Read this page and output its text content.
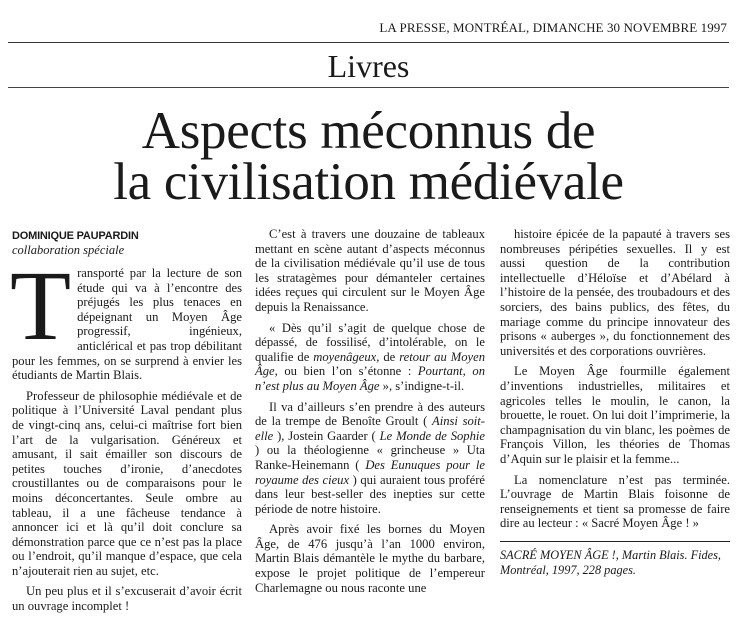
LA PRESSE, MONTRÉAL, DIMANCHE 30 NOVEMBRE 1997
Livres
Aspects méconnus de
la civilisation médiévale
DOMINIQUE PAUPARDIN
collaboration spéciale

Transporté par la lecture de son étude qui va à l’encontre des préjugés les plus tenaces en dépeignant un Moyen Âge progressif, ingénieux, anticlérical et pas trop débilitant pour les femmes, on se surprend à envier les étudiants de Martin Blais.

Professeur de philosophie médiévale et de politique à l’Université Laval pendant plus de vingt-cinq ans, celui-ci maîtrise fort bien l’art de la vulgarisation. Généreux et amusant, il sait émailler son discours de petites touches d’ironie, d’anecdotes croustillantes ou de comparaisons pour le moins déconcertantes. Seule ombre au tableau, il a une fâcheuse tendance à annoncer ici et là qu’il doit conclure sa démonstration parce que ce n’est pas la place ou l’endroit, qu’il manque d’espace, que cela n’ajouterait rien au sujet, etc.

Un peu plus et il s’excuserait d’avoir écrit un ouvrage incomplet !

C’est à travers une douzaine de tableaux mettant en scène autant d’aspects méconnus de la civilisation médiévale qu’il use de tous les stratagèmes pour démanteler certaines idées reçues qui circulent sur le Moyen Âge depuis la Renaissance.

« Dès qu’il s’agit de quelque chose de dépassé, de fossilisé, d’intolérable, on le qualifie de moyenâgeux, de retour au Moyen Âge, ou bien l’on s’étonne : Pourtant, on n’est plus au Moyen Âge », s’indigne-t-il.

Il va d’ailleurs s’en prendre à des auteurs de la trempe de Benoîte Groult ( Ainsi soit-elle ), Jostein Gaarder ( Le Monde de Sophie ) ou la théologienne « grincheuse » Uta Ranke-Heinemann ( Des Eunuques pour le royaume des cieux ) qui auraient tous proféré dans leur best-seller des inepties sur cette période de notre histoire.

Après avoir fixé les bornes du Moyen Âge, de 476 jusqu’à l’an 1000 environ, Martin Blais démantèle le mythe du barbare, expose le projet politique de l’empereur Charlemagne ou nous raconte une

histoire épicée de la papauté à travers ses nombreuses péripéties sexuelles. Il y est aussi question de la contribution intellectuelle d’Héloïse et d’Abélard à l’histoire de la pensée, des troubadours et des sorciers, des bains publics, des fêtes, du mariage comme du principe innovateur des prisons « auberges », du fonctionnement des universités et des corporations ouvrières.

Le Moyen Âge fourmille également d’inventions industrielles, militaires et agricoles telles le moulin, le canon, la brouette, le rouet. On lui doit l’imprimerie, la champagnisation du vin blanc, les poèmes de François Villon, les théories de Thomas d’Aquin sur le plaisir et la femme...

La nomenclature n’est pas terminée. L’ouvrage de Martin Blais foisonne de renseignements et tient sa promesse de faire dire au lecteur : « Sacré Moyen Âge ! »

SACRÉ MOYEN ÂGE !, Martin Blais. Fides, Montréal, 1997, 228 pages.
